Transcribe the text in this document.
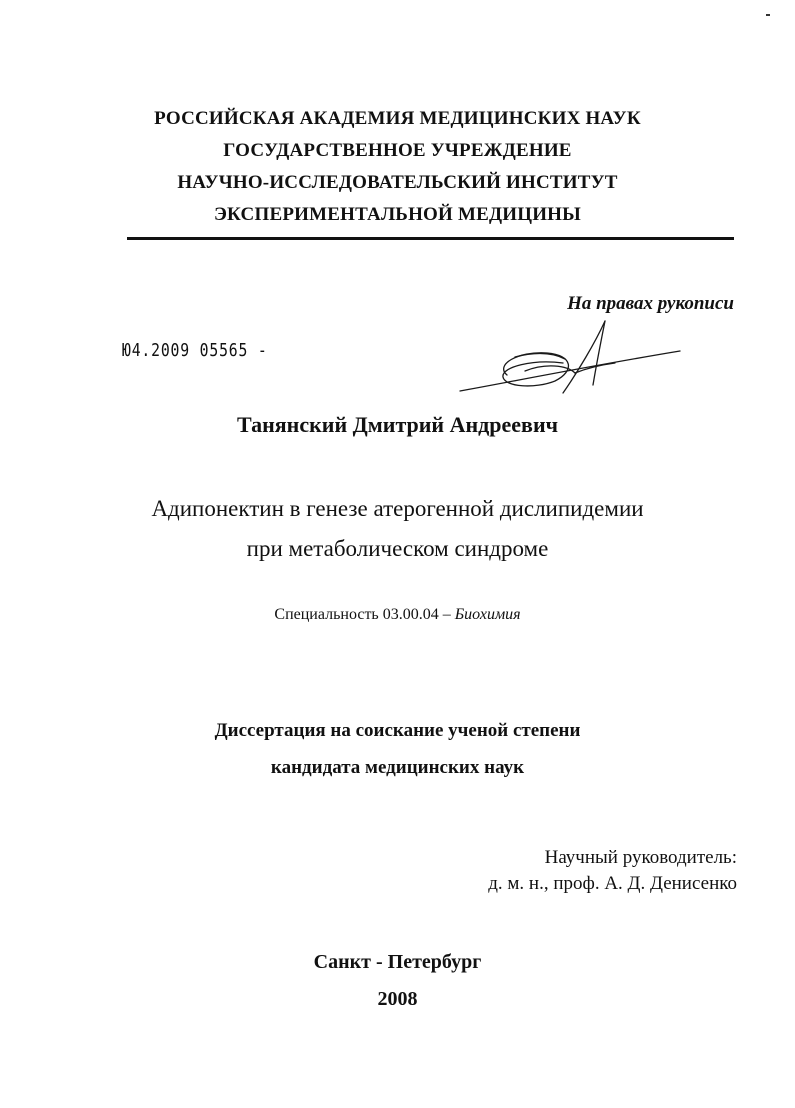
РОССИЙСКАЯ АКАДЕМИЯ МЕДИЦИНСКИХ НАУК
ГОСУДАРСТВЕННОЕ УЧРЕЖДЕНИЕ
НАУЧНО-ИССЛЕДОВАТЕЛЬСКИЙ ИНСТИТУТ
ЭКСПЕРИМЕНТАЛЬНОЙ МЕДИЦИНЫ
На правах рукописи
Ю4.2009 05565 -
Танянский Дмитрий Андреевич
Адипонектин в генезе атерогенной дислипидемии
при метаболическом синдроме
Специальность 03.00.04 – Биохимия
Диссертация на соискание ученой степени
кандидата медицинских наук
Научный руководитель:
д. м. н., проф. А. Д. Денисенко
Санкт - Петербург
2008
